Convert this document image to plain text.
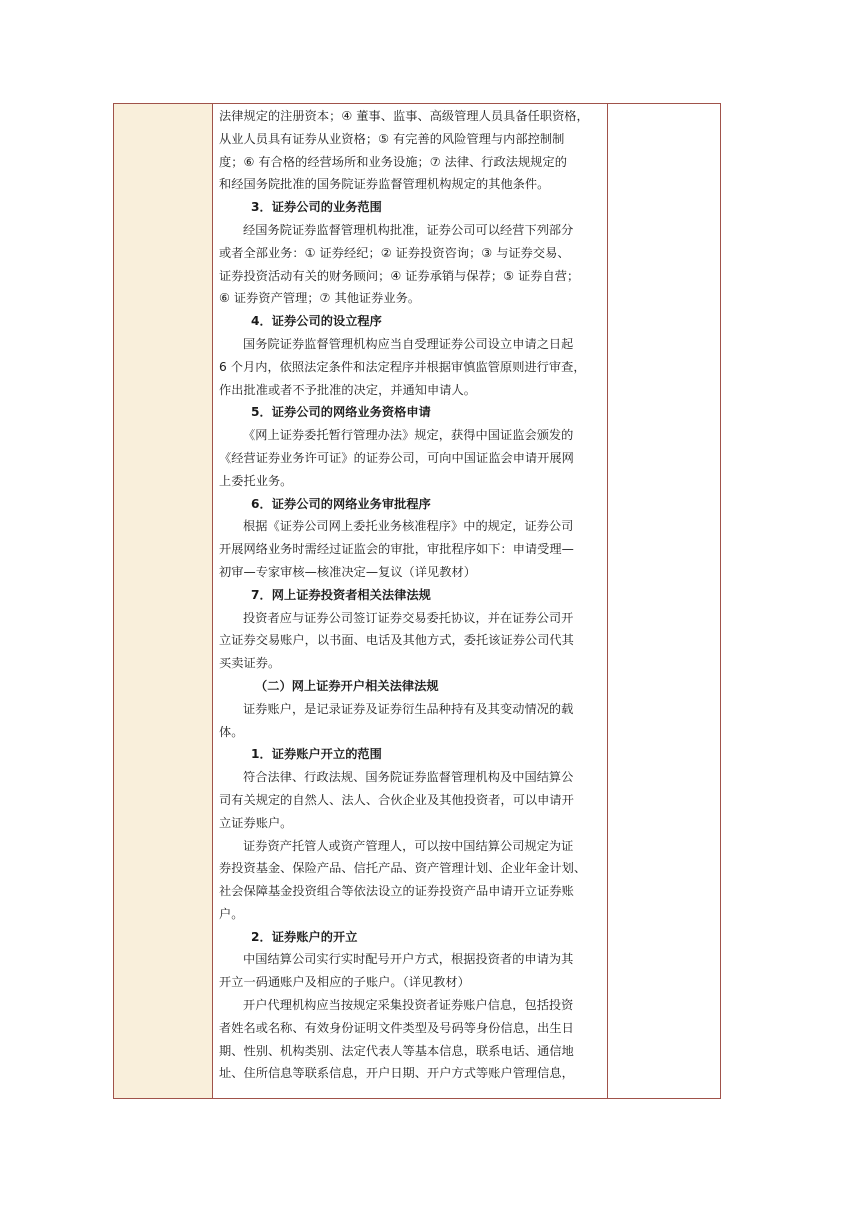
法律规定的注册资本；④ 董事、监事、高级管理人员具备任职资格，
从业人员具有证券从业资格；⑤ 有完善的风险管理与内部控制制
度；⑥ 有合格的经营场所和业务设施；⑦ 法律、行政法规规定的
和经国务院批准的国务院证券监督管理机构规定的其他条件。
3．证券公司的业务范围
经国务院证券监督管理机构批准，证券公司可以经营下列部分
或者全部业务：① 证券经纪；② 证券投资咨询；③ 与证券交易、
证券投资活动有关的财务顾问；④ 证券承销与保荐；⑤ 证券自营；
⑥ 证券资产管理；⑦ 其他证券业务。
4．证券公司的设立程序
国务院证券监督管理机构应当自受理证券公司设立申请之日起
6 个月内，依照法定条件和法定程序并根据审慎监管原则进行审查，
作出批准或者不予批准的决定，并通知申请人。
5．证券公司的网络业务资格申请
《网上证券委托暂行管理办法》规定，获得中国证监会颁发的
《经营证券业务许可证》的证券公司，可向中国证监会申请开展网
上委托业务。
6．证券公司的网络业务审批程序
根据《证券公司网上委托业务核准程序》中的规定，证券公司
开展网络业务时需经过证监会的审批，审批程序如下：申请受理—
初审—专家审核—核准决定—复议（详见教材）
7．网上证券投资者相关法律法规
投资者应与证券公司签订证券交易委托协议，并在证券公司开
立证券交易账户，以书面、电话及其他方式，委托该证券公司代其
买卖证券。
（二）网上证券开户相关法律法规
证券账户，是记录证券及证券衍生品种持有及其变动情况的载
体。
1．证券账户开立的范围
符合法律、行政法规、国务院证券监督管理机构及中国结算公
司有关规定的自然人、法人、合伙企业及其他投资者，可以申请开
立证券账户。
证券资产托管人或资产管理人，可以按中国结算公司规定为证
券投资基金、保险产品、信托产品、资产管理计划、企业年金计划、
社会保障基金投资组合等依法设立的证券投资产品申请开立证券账
户。
2．证券账户的开立
中国结算公司实行实时配号开户方式，根据投资者的申请为其
开立一码通账户及相应的子账户。（详见教材）
开户代理机构应当按规定采集投资者证券账户信息，包括投资
者姓名或名称、有效身份证明文件类型及号码等身份信息，出生日
期、性别、机构类别、法定代表人等基本信息，联系电话、通信地
址、住所信息等联系信息，开户日期、开户方式等账户管理信息，
